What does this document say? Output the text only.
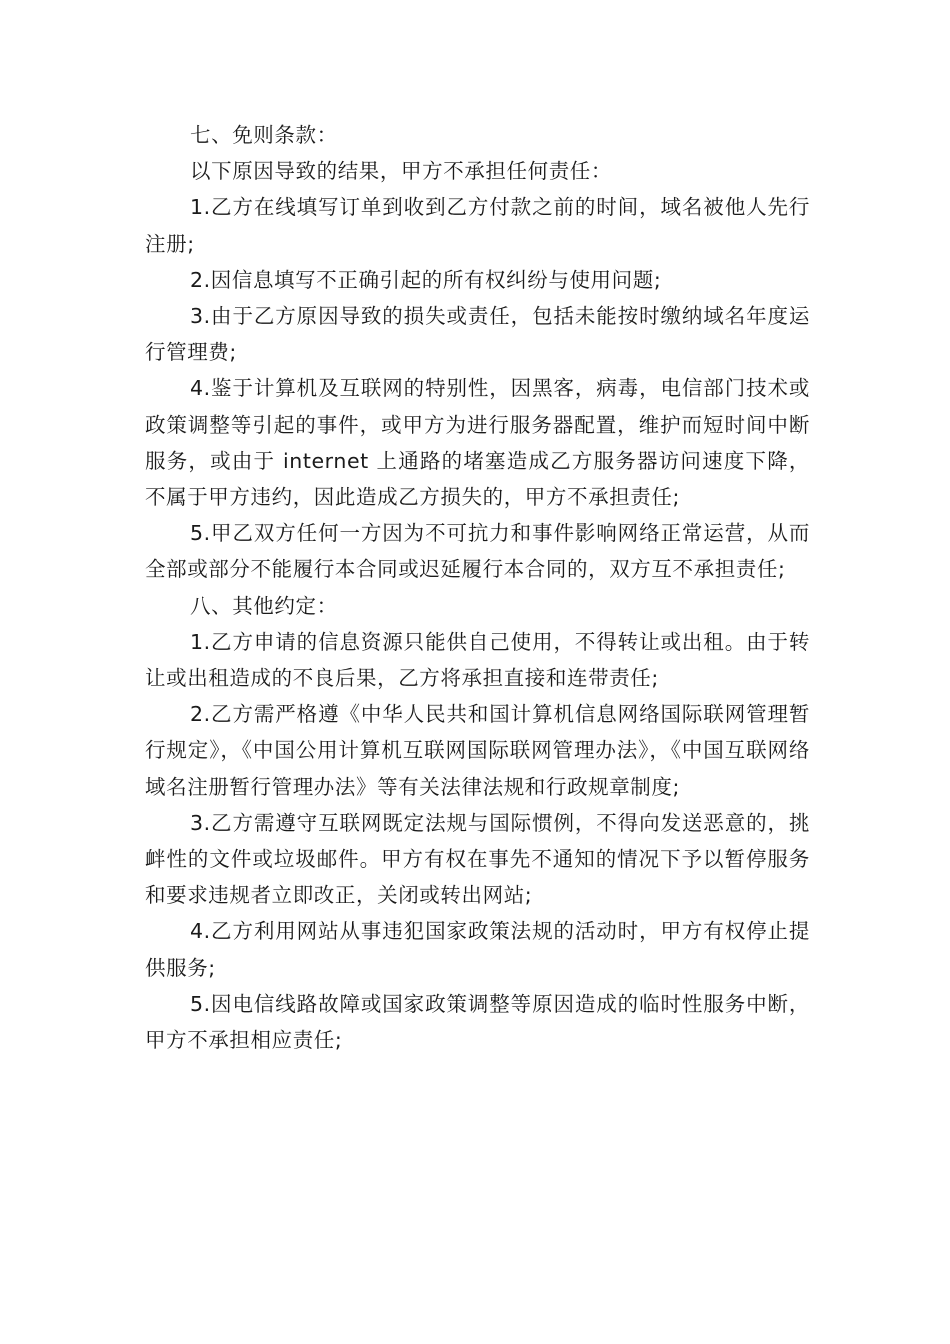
七、免则条款：

以下原因导致的结果，甲方不承担任何责任：

1.乙方在线填写订单到收到乙方付款之前的时间，域名被他人先行注册;

2.因信息填写不正确引起的所有权纠纷与使用问题;

3.由于乙方原因导致的损失或责任，包括未能按时缴纳域名年度运行管理费;

4.鉴于计算机及互联网的特别性，因黑客，病毒，电信部门技术或政策调整等引起的事件，或甲方为进行服务器配置，维护而短时间中断服务，或由于 internet 上通路的堵塞造成乙方服务器访问速度下降，不属于甲方违约，因此造成乙方损失的，甲方不承担责任;

5.甲乙双方任何一方因为不可抗力和事件影响网络正常运营，从而全部或部分不能履行本合同或迟延履行本合同的，双方互不承担责任;

八、其他约定：

1.乙方申请的信息资源只能供自己使用，不得转让或出租。由于转让或出租造成的不良后果，乙方将承担直接和连带责任;

2.乙方需严格遵《中华人民共和国计算机信息网络国际联网管理暂行规定》，《中国公用计算机互联网国际联网管理办法》，《中国互联网络域名注册暂行管理办法》等有关法律法规和行政规章制度;

3.乙方需遵守互联网既定法规与国际惯例，不得向发送恶意的，挑衅性的文件或垃圾邮件。甲方有权在事先不通知的情况下予以暂停服务和要求违规者立即改正，关闭或转出网站;

4.乙方利用网站从事违犯国家政策法规的活动时，甲方有权停止提供服务;

5.因电信线路故障或国家政策调整等原因造成的临时性服务中断，甲方不承担相应责任;
